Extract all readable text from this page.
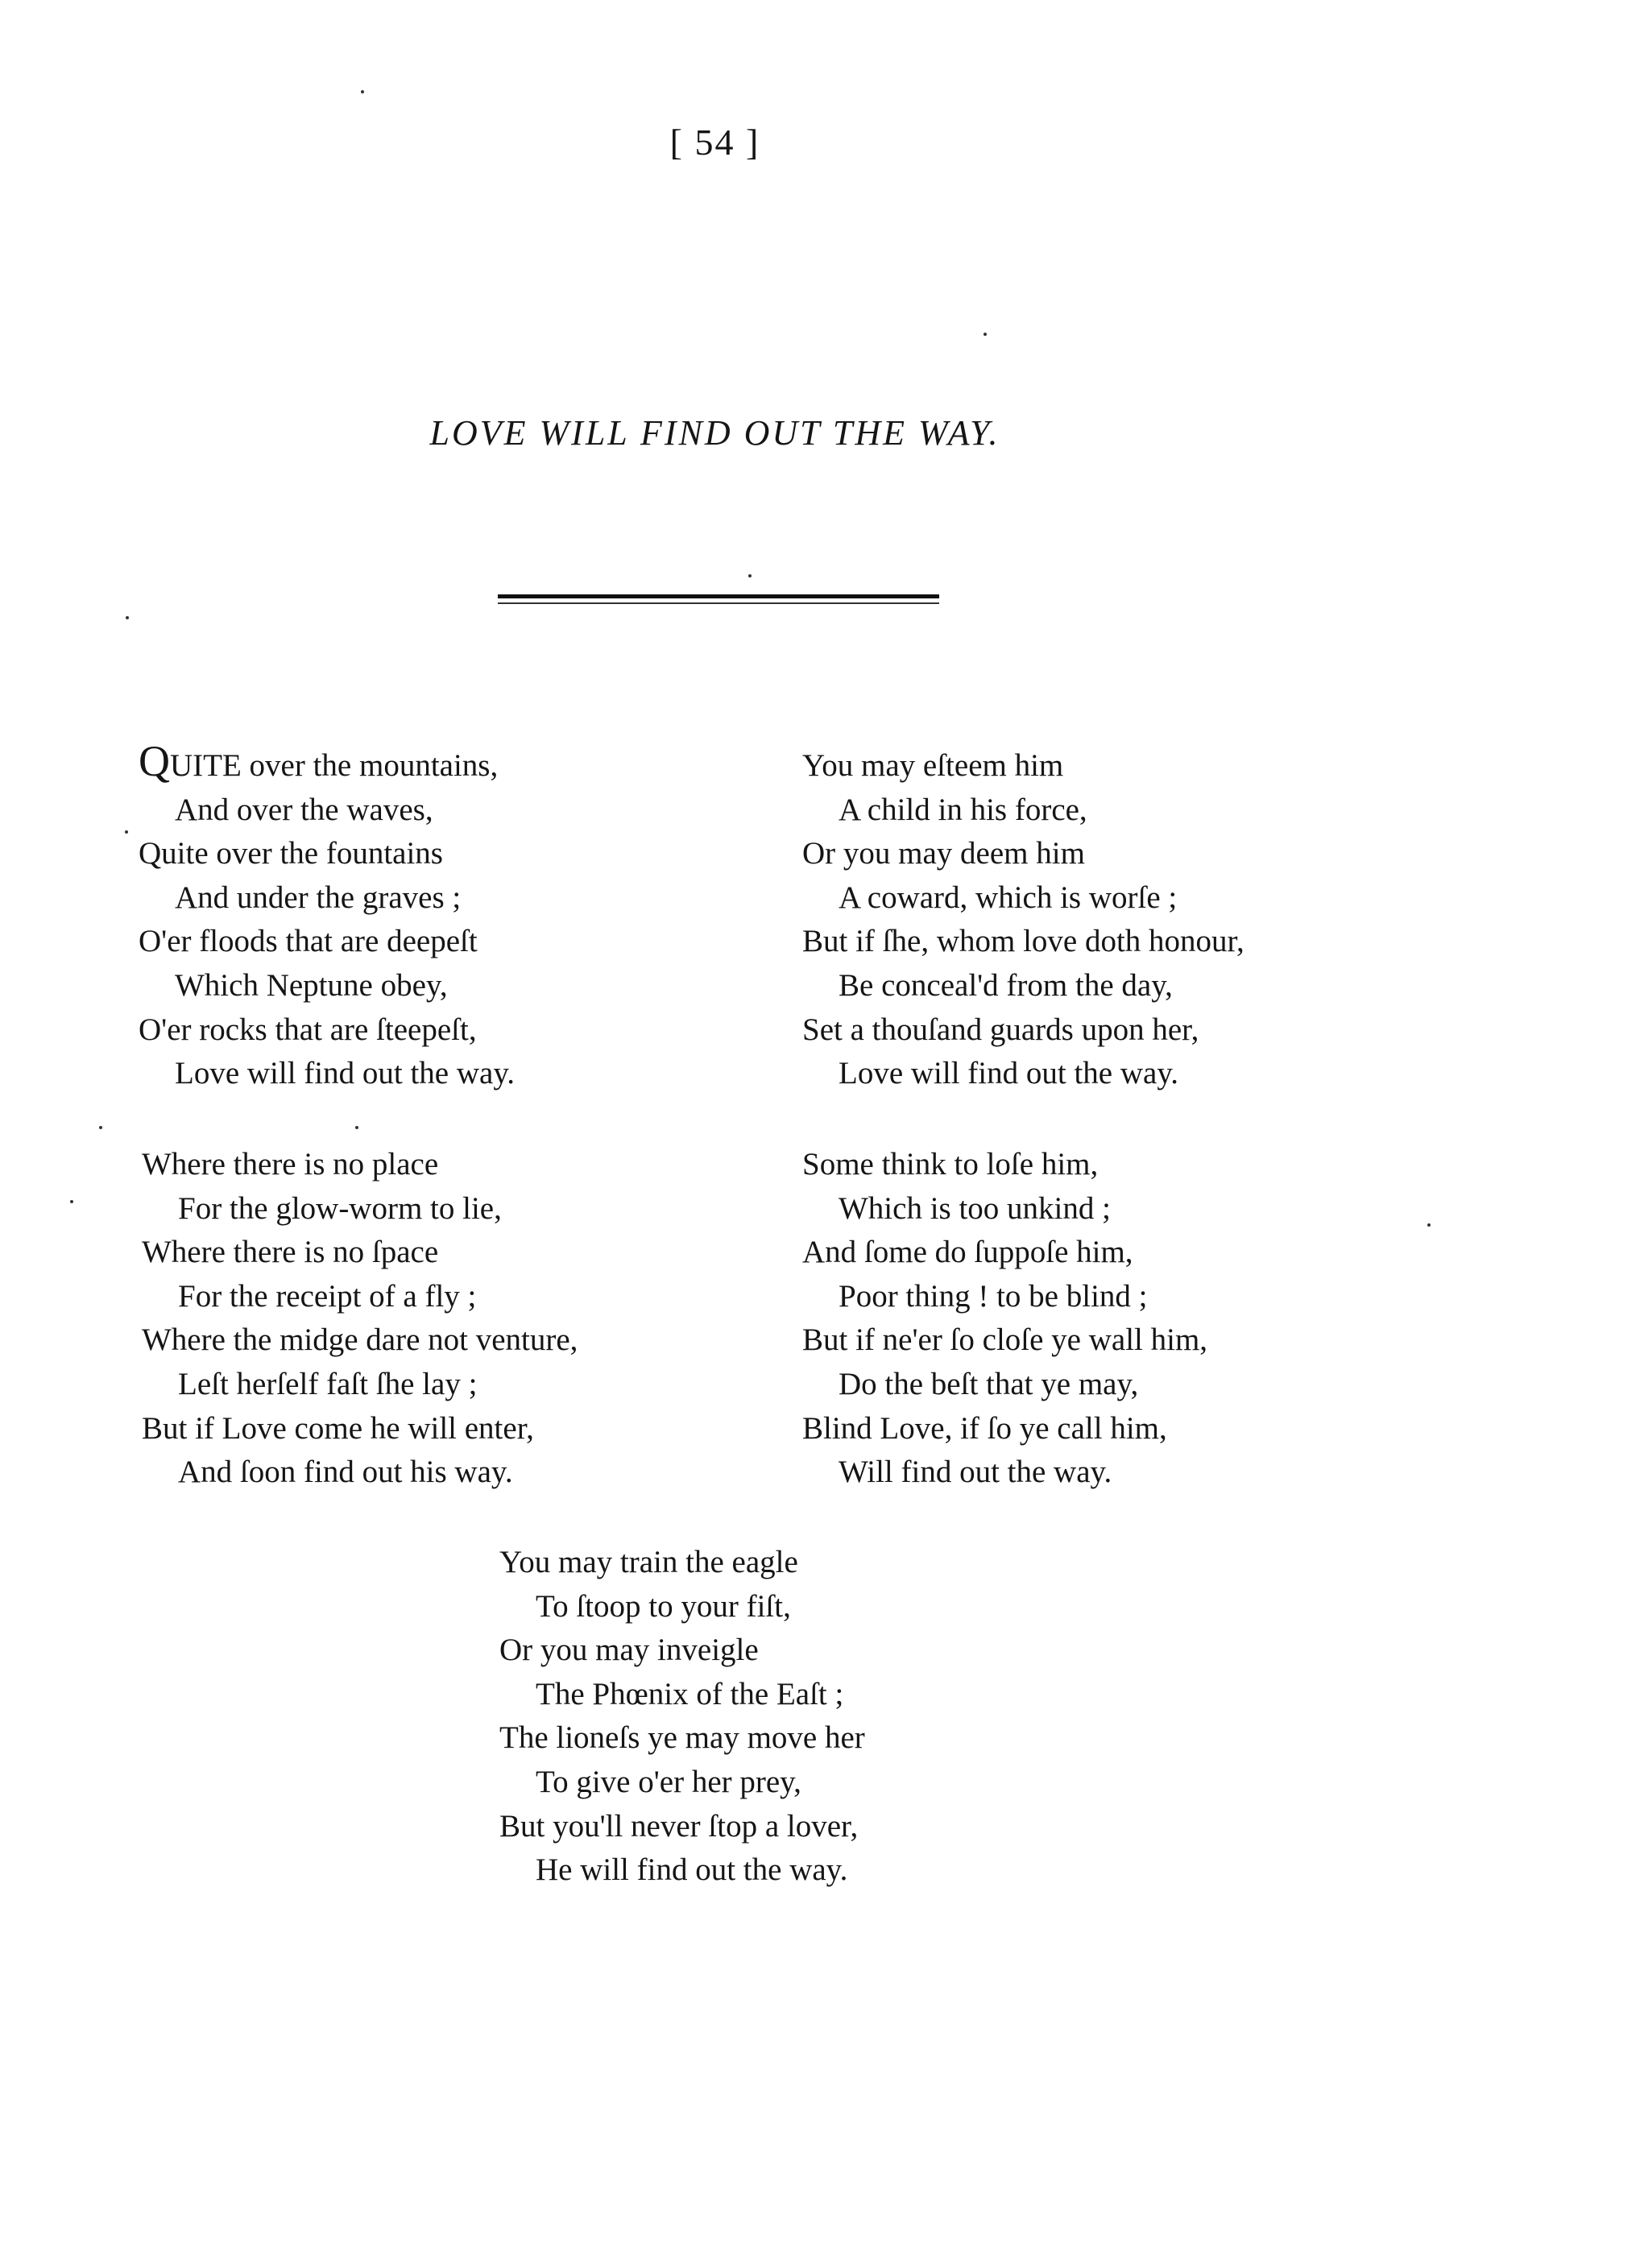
[ 54 ]
LOVE WILL FIND OUT THE WAY.
QUITE over the mountains,
And over the waves,
Quite over the fountains
And under the graves ;
O'er floods that are deepeſt
Which Neptune obey,
O'er rocks that are ſteepeſt,
Love will find out the way.
You may eſteem him
A child in his force,
Or you may deem him
A coward, which is worſe ;
But if ſhe, whom love doth honour,
Be conceal'd from the day,
Set a thouſand guards upon her,
Love will find out the way.
Where there is no place
For the glow-worm to lie,
Where there is no ſpace
For the receipt of a fly ;
Where the midge dare not venture,
Leſt herſelf faſt ſhe lay ;
But if Love come he will enter,
And ſoon find out his way.
Some think to loſe him,
Which is too unkind ;
And ſome do ſuppoſe him,
Poor thing ! to be blind ;
But if ne'er ſo cloſe ye wall him,
Do the beſt that ye may,
Blind Love, if ſo ye call him,
Will find out the way.
You may train the eagle
To ſtoop to your fiſt,
Or you may inveigle
The Phœnix of the Eaſt ;
The lioneſs ye may move her
To give o'er her prey,
But you'll never ſtop a lover,
He will find out the way.
